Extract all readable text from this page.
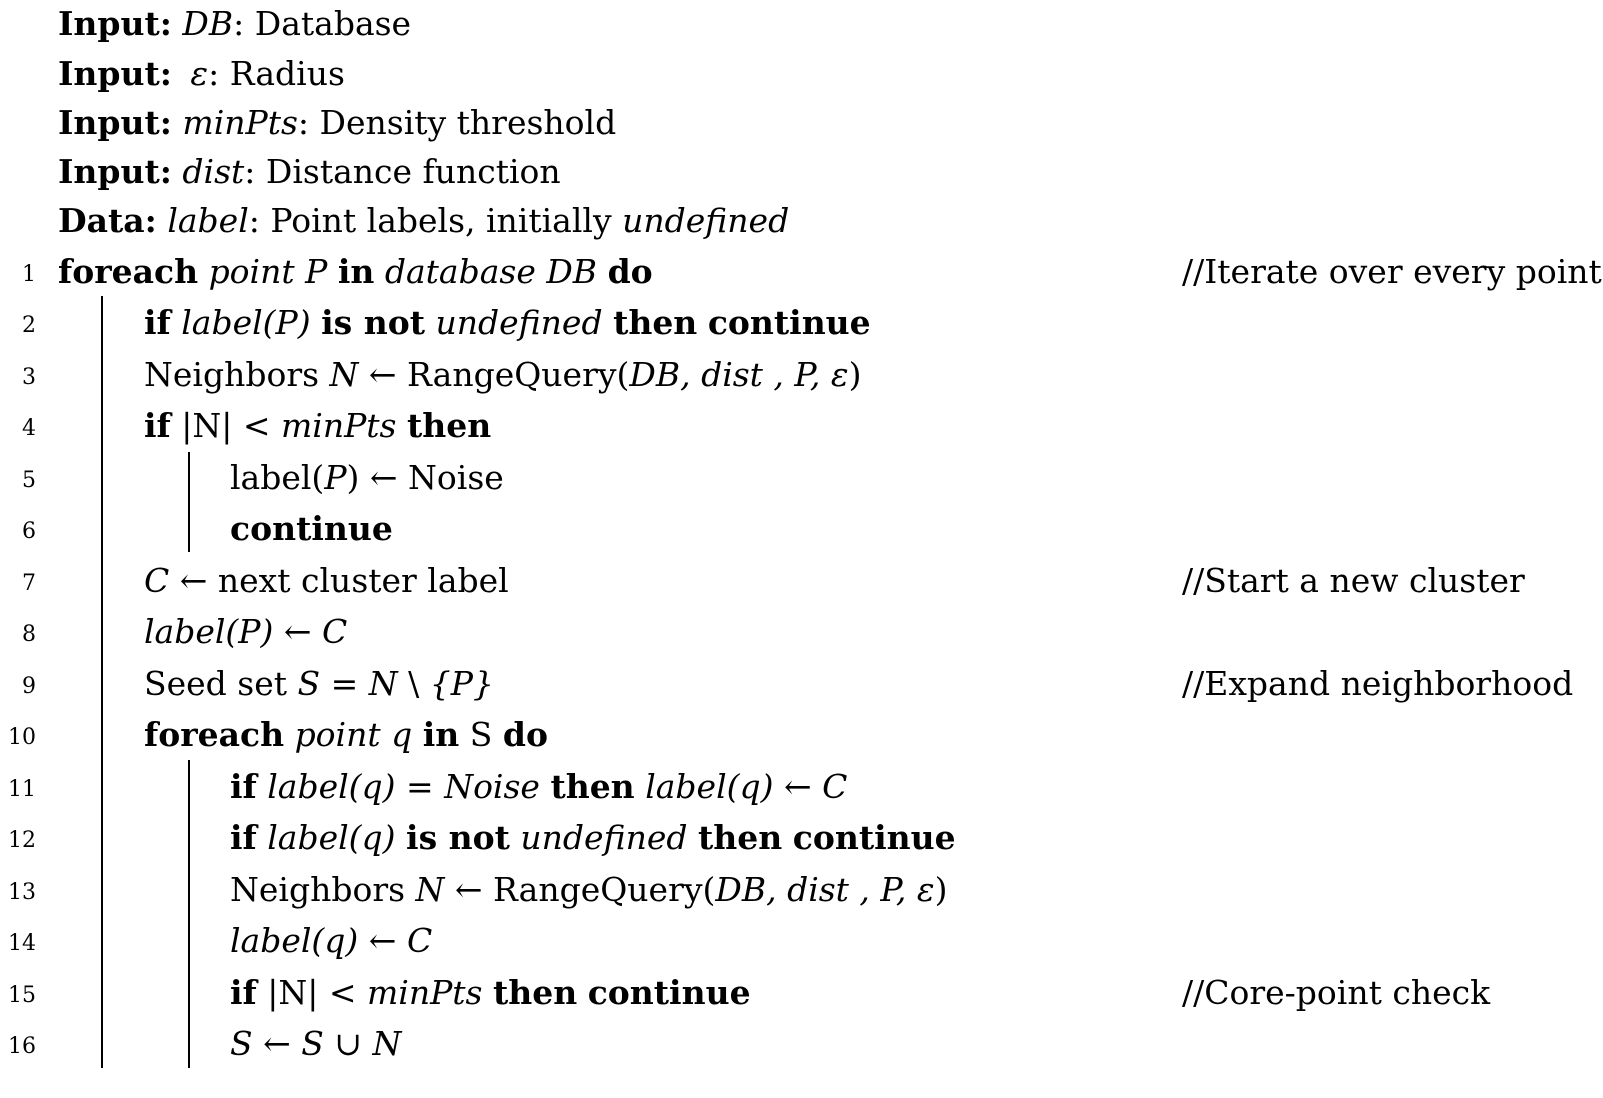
Input: DB: Database
Input: ε: Radius
Input: minPts: Density threshold
Input: dist: Distance function
Data: label: Point labels, initially undefined
1 foreach point P in database DB do	//Iterate over every point
2	if label(P) is not undefined then continue
3	Neighbors N ← RangeQuery(DB, dist , P, ε)
4	if |N| < minPts then
5	label(P) ← Noise
6	continue
7	C ← next cluster label	//Start a new cluster
8	label(P) ← C
9	Seed set S = N \ {P}	//Expand neighborhood
10	foreach point q in S do
11	if label(q) = Noise then label(q) ← C
12	if label(q) is not undefined then continue
13	Neighbors N ← RangeQuery(DB, dist , P, ε)
14	label(q) ← C
15	if |N| < minPts then continue	//Core-point check
16	S ← S ∪ N
